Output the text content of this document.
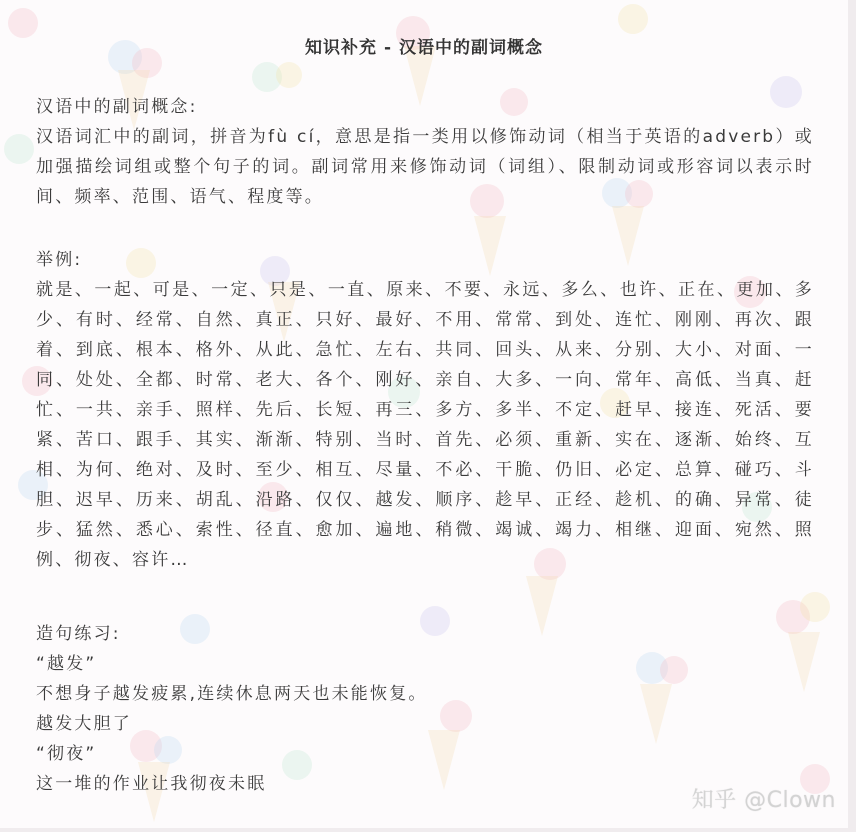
知识补充 - 汉语中的副词概念
汉语中的副词概念:

汉语词汇中的副词，拼音为fù cí，意思是指一类用以修饰动词（相当于英语的adverb）或加强描绘词组或整个句子的词。副词常用来修饰动词（词组）、限制动词或形容词以表示时间、频率、范围、语气、程度等。

举例:

就是、一起、可是、一定、只是、一直、原来、不要、永远、多么、也许、正在、更加、多少、有时、经常、自然、真正、只好、最好、不用、常常、到处、连忙、刚刚、再次、跟着、到底、根本、格外、从此、急忙、左右、共同、回头、从来、分别、大小、对面、一同、处处、全都、时常、老大、各个、刚好、亲自、大多、一向、常年、高低、当真、赶忙、一共、亲手、照样、先后、长短、再三、多方、多半、不定、赶早、接连、死活、要紧、苦口、跟手、其实、渐渐、特别、当时、首先、必须、重新、实在、逐渐、始终、互相、为何、绝对、及时、至少、相互、尽量、不必、干脆、仍旧、必定、总算、碰巧、斗胆、迟早、历来、胡乱、沿路、仅仅、越发、顺序、趁早、正经、趁机、的确、异常、徒步、猛然、悉心、索性、径直、愈加、遍地、稍微、竭诚、竭力、相继、迎面、宛然、照例、彻夜、容许…

造句练习:
“越发”
不想身子越发疲累,连续休息两天也未能恢复。
越发大胆了
“彻夜”
这一堆的作业让我彻夜未眠
知乎 @Clown
